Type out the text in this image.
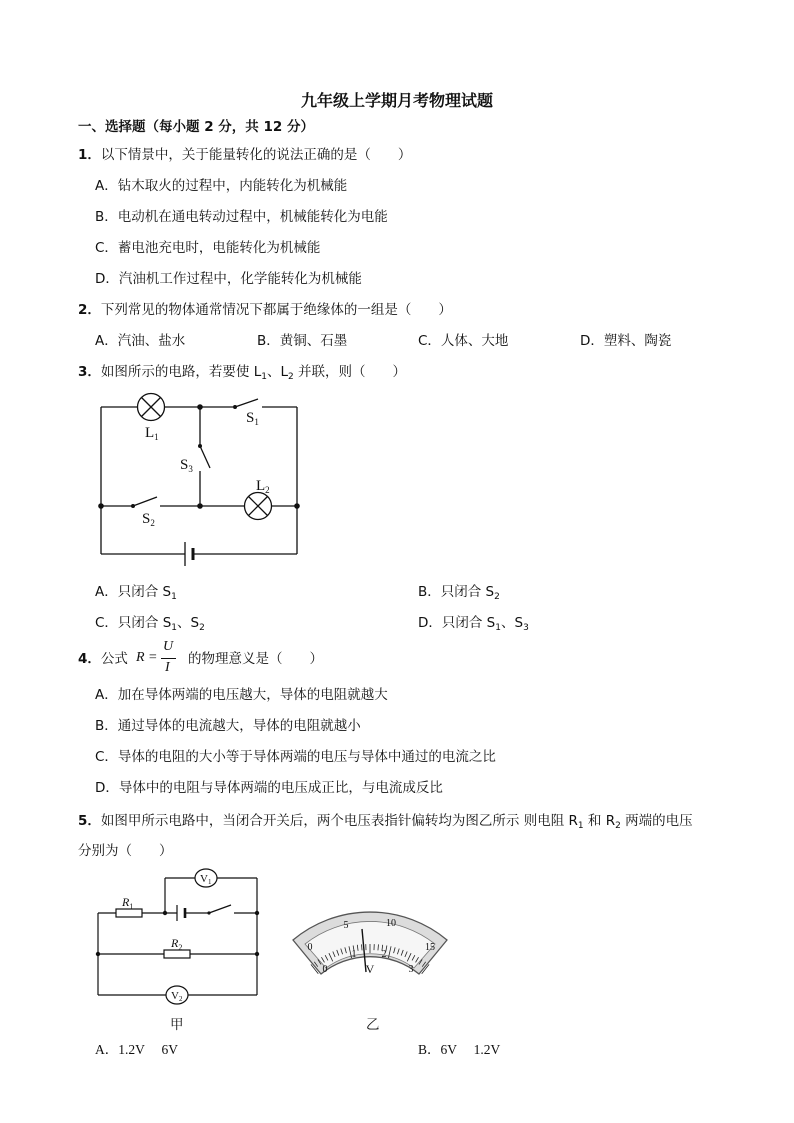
九年级上学期月考物理试题
一、选择题（每小题 2 分，共 12 分）
1．以下情景中，关于能量转化的说法正确的是（　　）
A．钻木取火的过程中，内能转化为机械能
B．电动机在通电转动过程中，机械能转化为电能
C．蓄电池充电时，电能转化为机械能
D．汽油机工作过程中，化学能转化为机械能
2．下列常见的物体通常情况下都属于绝缘体的一组是（　　）
A．汽油、盐水	B．黄铜、石墨	C．人体、大地	D．塑料、陶瓷
3．如图所示的电路，若要使 $L_1$、$L_2$ 并联，则（　　）
$L_1$
$S_1$
$S_3$
$L_2$
$S_2$
A．只闭合 $S_1$	B．只闭合 $S_2$
C．只闭合 $S_1$、$S_2$	D．只闭合 $S_1$、$S_3$
4．公式 R =
U
I
的物理意义是（　　）
A．加在导体两端的电压越大，导体的电阻就越大
B．通过导体的电流越大，导体的电阻就越小
C．导体的电阻的大小等于导体两端的电压与导体中通过的电流之比
D．导体中的电阻与导体两端的电压成正比，与电流成反比
5．如图甲所示电路中，当闭合开关后，两个电压表指针偏转均为图乙所示 则电阻 $R_1$ 和 $R_2$ 两端的电压
分别为（　　）
$R_1$
$R_2$
V1
V2
0
5	10
15
0
1	2
3
V
甲	乙
A．1.2V　 6V	B．6V　 1.2V
